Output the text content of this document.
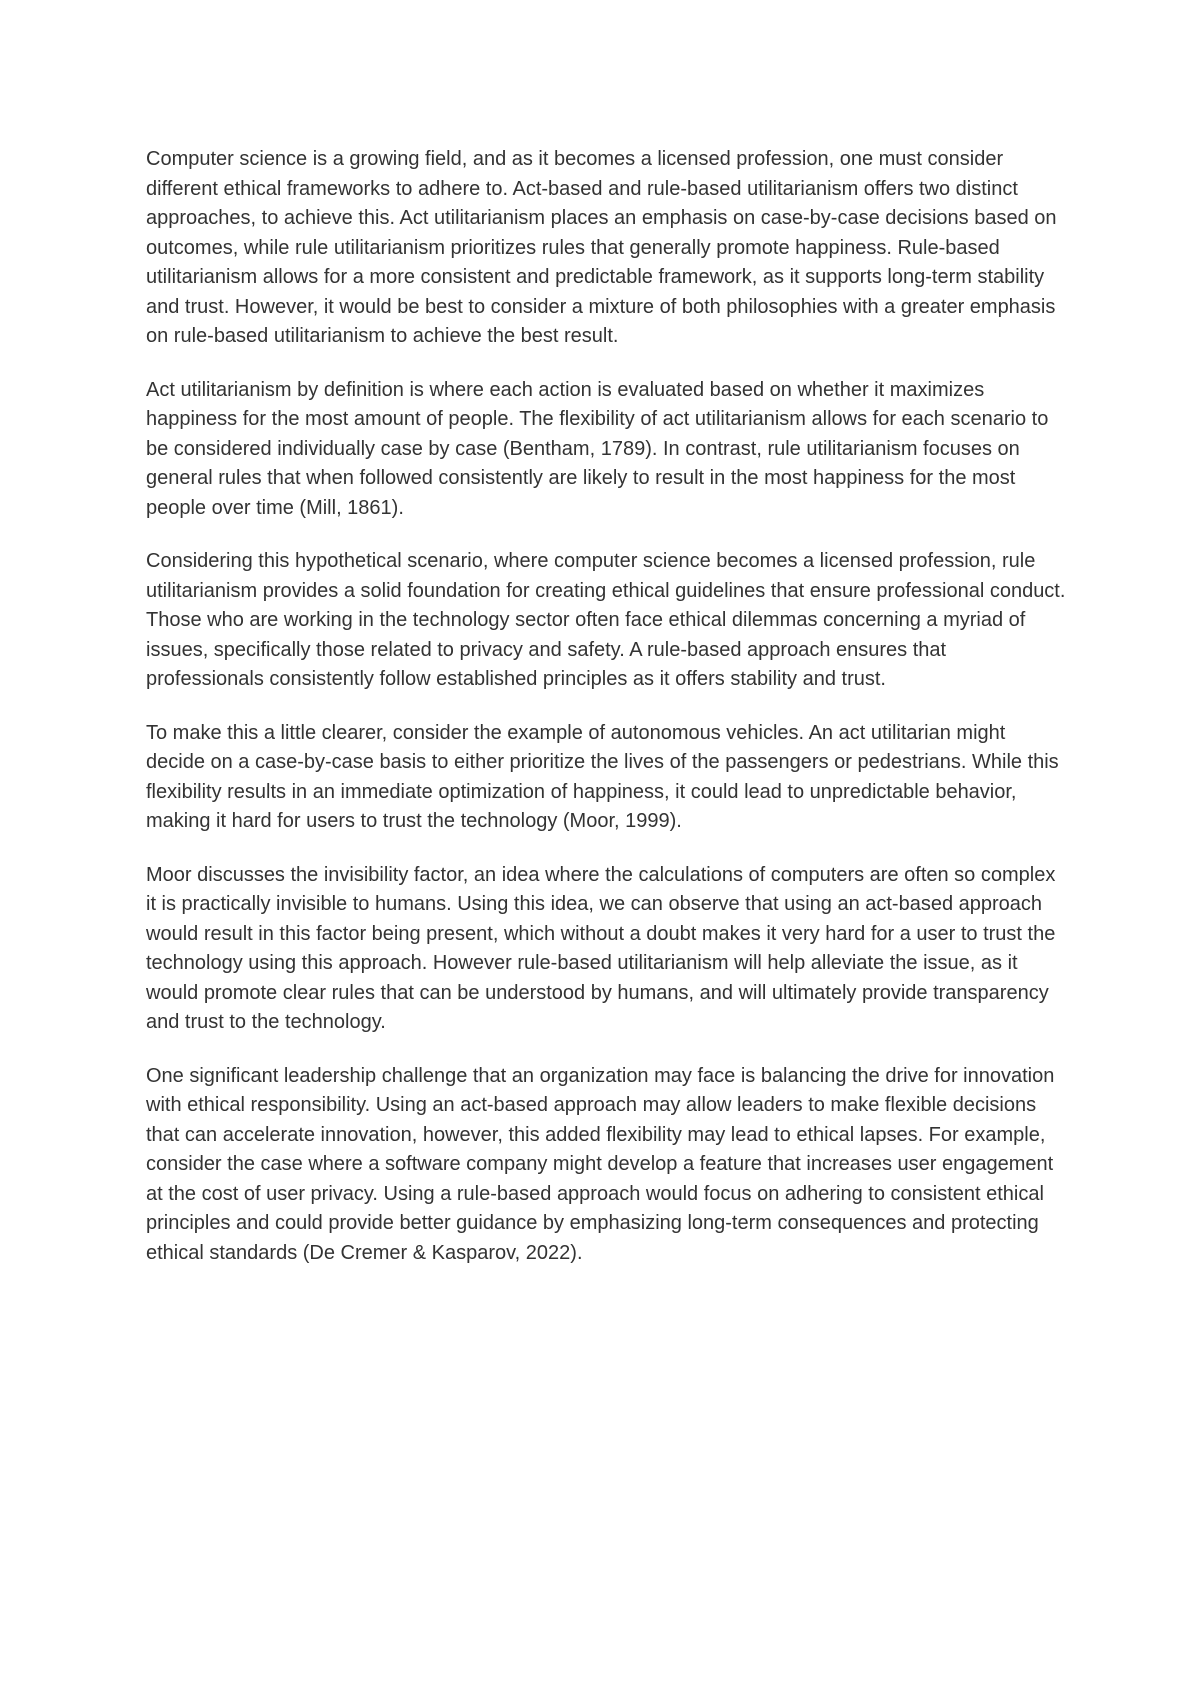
Computer science is a growing field, and as it becomes a licensed profession, one must consider different ethical frameworks to adhere to. Act-based and rule-based utilitarianism offers two distinct approaches, to achieve this. Act utilitarianism places an emphasis on case-by-case decisions based on outcomes, while rule utilitarianism prioritizes rules that generally promote happiness. Rule-based utilitarianism allows for a more consistent and predictable framework, as it supports long-term stability and trust. However, it would be best to consider a mixture of both philosophies with a greater emphasis on rule-based utilitarianism to achieve the best result.

Act utilitarianism by definition is where each action is evaluated based on whether it maximizes happiness for the most amount of people. The flexibility of act utilitarianism allows for each scenario to be considered individually case by case (Bentham, 1789). In contrast, rule utilitarianism focuses on general rules that when followed consistently are likely to result in the most happiness for the most people over time (Mill, 1861).

Considering this hypothetical scenario, where computer science becomes a licensed profession, rule utilitarianism provides a solid foundation for creating ethical guidelines that ensure professional conduct. Those who are working in the technology sector often face ethical dilemmas concerning a myriad of issues, specifically those related to privacy and safety. A rule-based approach ensures that professionals consistently follow established principles as it offers stability and trust.

To make this a little clearer, consider the example of autonomous vehicles. An act utilitarian might decide on a case-by-case basis to either prioritize the lives of the passengers or pedestrians. While this flexibility results in an immediate optimization of happiness, it could lead to unpredictable behavior, making it hard for users to trust the technology (Moor, 1999).

Moor discusses the invisibility factor, an idea where the calculations of computers are often so complex it is practically invisible to humans. Using this idea, we can observe that using an act-based approach would result in this factor being present, which without a doubt makes it very hard for a user to trust the technology using this approach. However rule-based utilitarianism will help alleviate the issue, as it would promote clear rules that can be understood by humans, and will ultimately provide transparency and trust to the technology.

One significant leadership challenge that an organization may face is balancing the drive for innovation with ethical responsibility. Using an act-based approach may allow leaders to make flexible decisions that can accelerate innovation, however, this added flexibility may lead to ethical lapses. For example, consider the case where a software company might develop a feature that increases user engagement at the cost of user privacy. Using a rule-based approach would focus on adhering to consistent ethical principles and could provide better guidance by emphasizing long-term consequences and protecting ethical standards (De Cremer & Kasparov, 2022).
